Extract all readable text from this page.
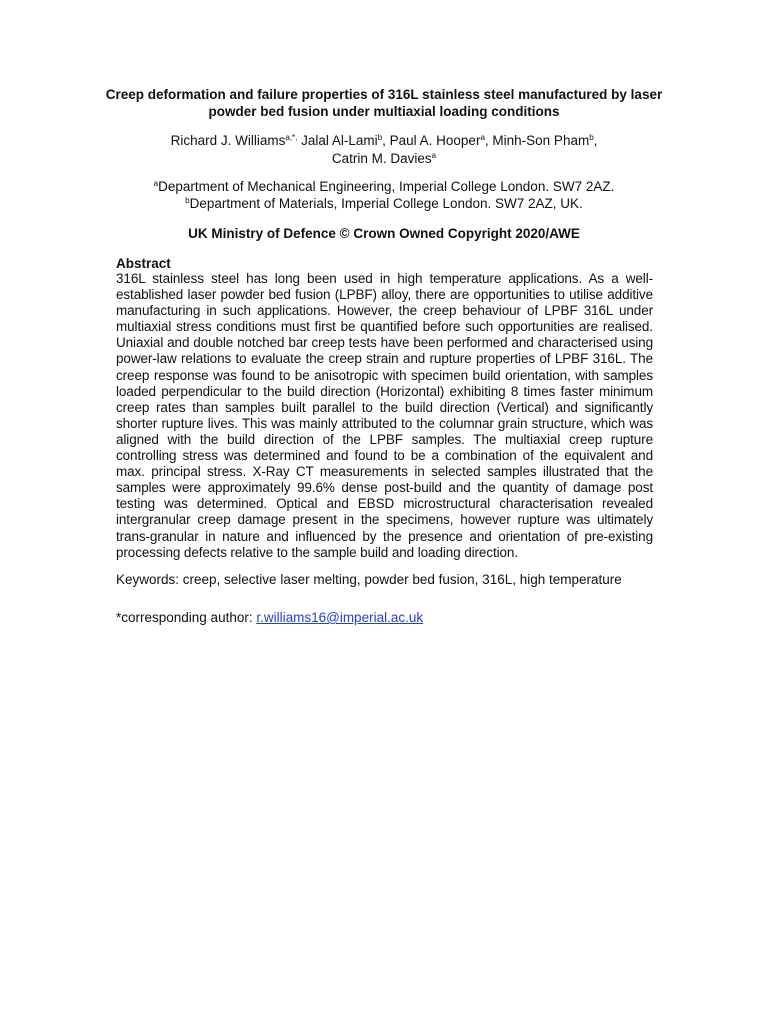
Creep deformation and failure properties of 316L stainless steel manufactured by laser powder bed fusion under multiaxial loading conditions
Richard J. Williams$^{a,*,}$ Jalal Al-Lami$^b$, Paul A. Hooper$^a$, Minh-Son Pham$^b$,
Catrin M. Davies$^a$
$^a$Department of Mechanical Engineering, Imperial College London. SW7 2AZ.
$^b$Department of Materials, Imperial College London. SW7 2AZ, UK.
UK Ministry of Defence © Crown Owned Copyright 2020/AWE
Abstract
316L stainless steel has long been used in high temperature applications. As a well-established laser powder bed fusion (LPBF) alloy, there are opportunities to utilise additive manufacturing in such applications. However, the creep behaviour of LPBF 316L under multiaxial stress conditions must first be quantified before such opportunities are realised. Uniaxial and double notched bar creep tests have been performed and characterised using power-law relations to evaluate the creep strain and rupture properties of LPBF 316L. The creep response was found to be anisotropic with specimen build orientation, with samples loaded perpendicular to the build direction (Horizontal) exhibiting 8 times faster minimum creep rates than samples built parallel to the build direction (Vertical) and significantly shorter rupture lives. This was mainly attributed to the columnar grain structure, which was aligned with the build direction of the LPBF samples. The multiaxial creep rupture controlling stress was determined and found to be a combination of the equivalent and max. principal stress. X-Ray CT measurements in selected samples illustrated that the samples were approximately 99.6% dense post-build and the quantity of damage post testing was determined. Optical and EBSD microstructural characterisation revealed intergranular creep damage present in the specimens, however rupture was ultimately trans-granular in nature and influenced by the presence and orientation of pre-existing processing defects relative to the sample build and loading direction.
Keywords: creep, selective laser melting, powder bed fusion, 316L, high temperature
*corresponding author: r.williams16@imperial.ac.uk
